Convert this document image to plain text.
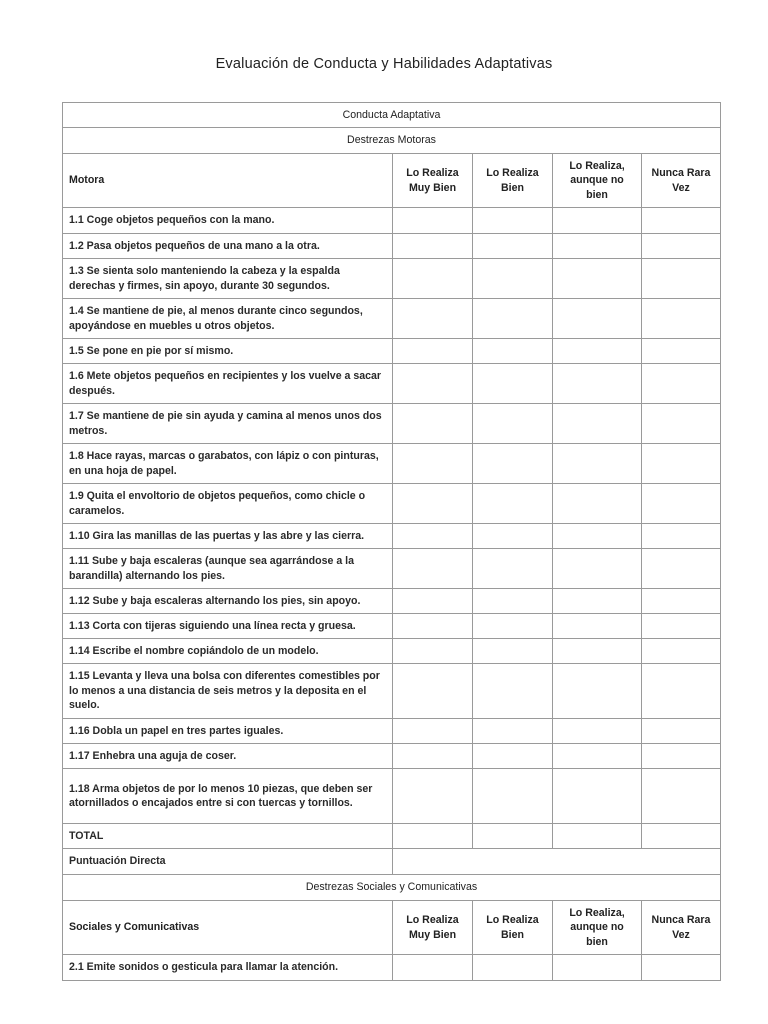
Evaluación de Conducta y Habilidades Adaptativas
Conducta Adaptativa				
Destrezas Motoras				
Motora	Lo Realiza Muy Bien	Lo Realiza Bien	Lo Realiza, aunque no bien	Nunca Rara Vez
1.1 Coge objetos pequeños con la mano.				
1.2 Pasa objetos pequeños de una mano a la otra.				
1.3 Se sienta solo manteniendo la cabeza y la espalda derechas y firmes, sin apoyo, durante 30 segundos.				
1.4 Se mantiene de pie, al menos durante cinco segundos, apoyándose en muebles u otros objetos.				
1.5 Se pone en pie por sí mismo.				
1.6 Mete objetos pequeños en recipientes y los vuelve a sacar después.				
1.7 Se mantiene de pie sin ayuda y camina al menos unos dos metros.				
1.8 Hace rayas, marcas o garabatos, con lápiz o con pinturas, en una hoja de papel.				
1.9 Quita el envoltorio de objetos pequeños, como chicle o caramelos.				
1.10 Gira las manillas de las puertas y las abre y las cierra.				
1.11 Sube y baja escaleras (aunque sea agarrándose a la barandilla) alternando los pies.				
1.12 Sube y baja escaleras alternando los pies, sin apoyo.				
1.13 Corta con tijeras siguiendo una línea recta y gruesa.				
1.14 Escribe el nombre copiándolo de un modelo.				
1.15 Levanta y lleva una bolsa con diferentes comestibles por lo menos a una distancia de seis metros y la deposita en el suelo.				
1.16 Dobla un papel en tres partes iguales.				
1.17 Enhebra una aguja de coser.				
1.18 Arma objetos de por lo menos 10 piezas, que deben ser atornillados o encajados entre si con tuercas y tornillos.				
TOTAL				
Puntuación Directa				
Destrezas Sociales y Comunicativas				
Sociales y Comunicativas	Lo Realiza Muy Bien	Lo Realiza Bien	Lo Realiza, aunque no bien	Nunca Rara Vez
2.1 Emite sonidos o gesticula para llamar la atención.				
